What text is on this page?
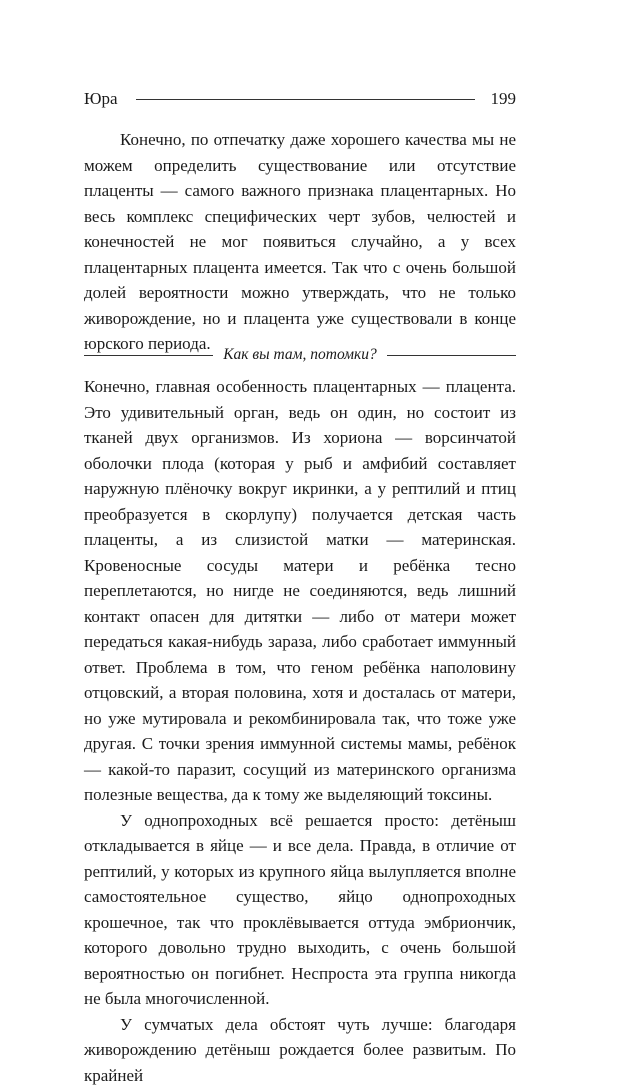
Юра	199

Конечно, по отпечатку даже хорошего качества мы не можем определить существование или отсутствие плаценты — самого важного признака плацентарных. Но весь комплекс специфических черт зубов, челюстей и конечностей не мог появиться случайно, а у всех плацентарных плацента имеется. Так что с очень большой долей вероятности можно утверждать, что не только живорождение, но и плацента уже существовали в конце юрского периода.

Как вы там, потомки?

Конечно, главная особенность плацентарных — плацента. Это удивительный орган, ведь он один, но состоит из тканей двух организмов. Из хориона — ворсинчатой оболочки плода (которая у рыб и амфибий составляет наружную плёночку вокруг икринки, а у рептилий и птиц преобразуется в скорлупу) получается детская часть плаценты, а из слизистой матки — материнская. Кровеносные сосуды матери и ребёнка тесно переплетаются, но нигде не соединяются, ведь лишний контакт опасен для дитятки — либо от матери может передаться какая-нибудь зараза, либо сработает иммунный ответ. Проблема в том, что геном ребёнка наполовину отцовский, а вторая половина, хотя и досталась от матери, но уже мутировала и рекомбинировала так, что тоже уже другая. С точки зрения иммунной системы мамы, ребёнок — какой-то паразит, сосущий из материнского организма полезные вещества, да к тому же выделяющий токсины.

У однопроходных всё решается просто: детёныш откладывается в яйце — и все дела. Правда, в отличие от рептилий, у которых из крупного яйца вылупляется вполне самостоятельное существо, яйцо однопроходных крошечное, так что проклёвывается оттуда эмбриончик, которого довольно трудно выходить, с очень большой вероятностью он погибнет. Неспроста эта группа никогда не была многочисленной.

У сумчатых дела обстоят чуть лучше: благодаря живорождению детёныш рождается более развитым. По крайней
